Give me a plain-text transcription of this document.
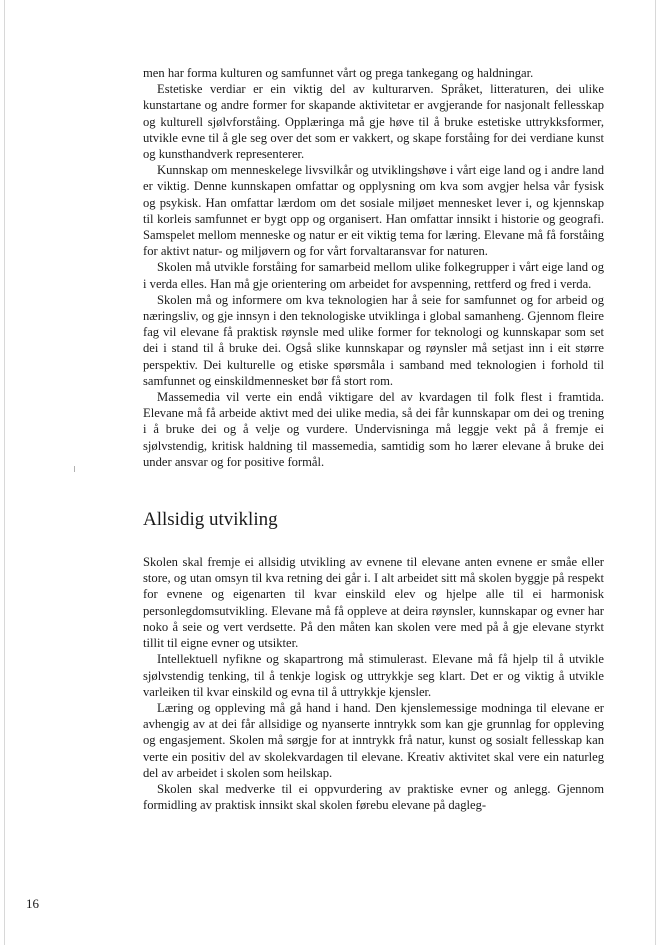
men har forma kulturen og samfunnet vårt og prega tankegang og haldningar.

Estetiske verdiar er ein viktig del av kulturarven. Språket, litteraturen, dei ulike kunstartane og andre former for skapande aktivitetar er avgjerande for nasjonalt fellesskap og kulturell sjølvforståing. Opplæringa må gje høve til å bruke estetiske uttrykksformer, utvikle evne til å gle seg over det som er vakkert, og skape forståing for dei verdiane kunst og kunsthandverk representerer.

Kunnskap om menneskelege livsvilkår og utviklingshøve i vårt eige land og i andre land er viktig. Denne kunnskapen omfattar og opplysning om kva som avgjer helsa vår fysisk og psykisk. Han omfattar lærdom om det sosiale miljøet mennesket lever i, og kjennskap til korleis samfunnet er bygt opp og organisert. Han omfattar innsikt i historie og geografi. Samspelet mellom menneske og natur er eit viktig tema for læring. Elevane må få forståing for aktivt natur- og miljøvern og for vårt forvaltaransvar for naturen.

Skolen må utvikle forståing for samarbeid mellom ulike folkegrupper i vårt eige land og i verda elles. Han må gje orientering om arbeidet for avspenning, rettferd og fred i verda.

Skolen må og informere om kva teknologien har å seie for samfunnet og for arbeid og næringsliv, og gje innsyn i den teknologiske utviklinga i global samanheng. Gjennom fleire fag vil elevane få praktisk røynsle med ulike former for teknologi og kunnskapar som set dei i stand til å bruke dei. Også slike kunnskapar og røynsler må setjast inn i eit større perspektiv. Dei kulturelle og etiske spørsmåla i samband med teknologien i forhold til samfunnet og einskildmennesket bør få stort rom.

Massemedia vil verte ein endå viktigare del av kvardagen til folk flest i framtida. Elevane må få arbeide aktivt med dei ulike media, så dei får kunnskapar om dei og trening i å bruke dei og å velje og vurdere. Undervisninga må leggje vekt på å fremje ei sjølvstendig, kritisk haldning til massemedia, samtidig som ho lærer elevane å bruke dei under ansvar og for positive formål.

Allsidig utvikling

Skolen skal fremje ei allsidig utvikling av evnene til elevane anten evnene er småe eller store, og utan omsyn til kva retning dei går i. I alt arbeidet sitt må skolen byggje på respekt for evnene og eigenarten til kvar einskild elev og hjelpe alle til ei harmonisk personlegdomsutvikling. Elevane må få oppleve at deira røynsler, kunnskapar og evner har noko å seie og vert verdsette. På den måten kan skolen vere med på å gje elevane styrkt tillit til eigne evner og utsikter.

Intellektuell nyfikne og skapartrong må stimulerast. Elevane må få hjelp til å utvikle sjølvstendig tenking, til å tenkje logisk og uttrykkje seg klart. Det er og viktig å utvikle varleiken til kvar einskild og evna til å uttrykkje kjensler.

Læring og oppleving må gå hand i hand. Den kjenslemessige modninga til elevane er avhengig av at dei får allsidige og nyanserte inntrykk som kan gje grunnlag for oppleving og engasjement. Skolen må sørgje for at inntrykk frå natur, kunst og sosialt fellesskap kan verte ein positiv del av skolekvardagen til elevane. Kreativ aktivitet skal vere ein naturleg del av arbeidet i skolen som heilskap.

Skolen skal medverke til ei oppvurdering av praktiske evner og anlegg. Gjennom formidling av praktisk innsikt skal skolen førebu elevane på dagleg-

16
